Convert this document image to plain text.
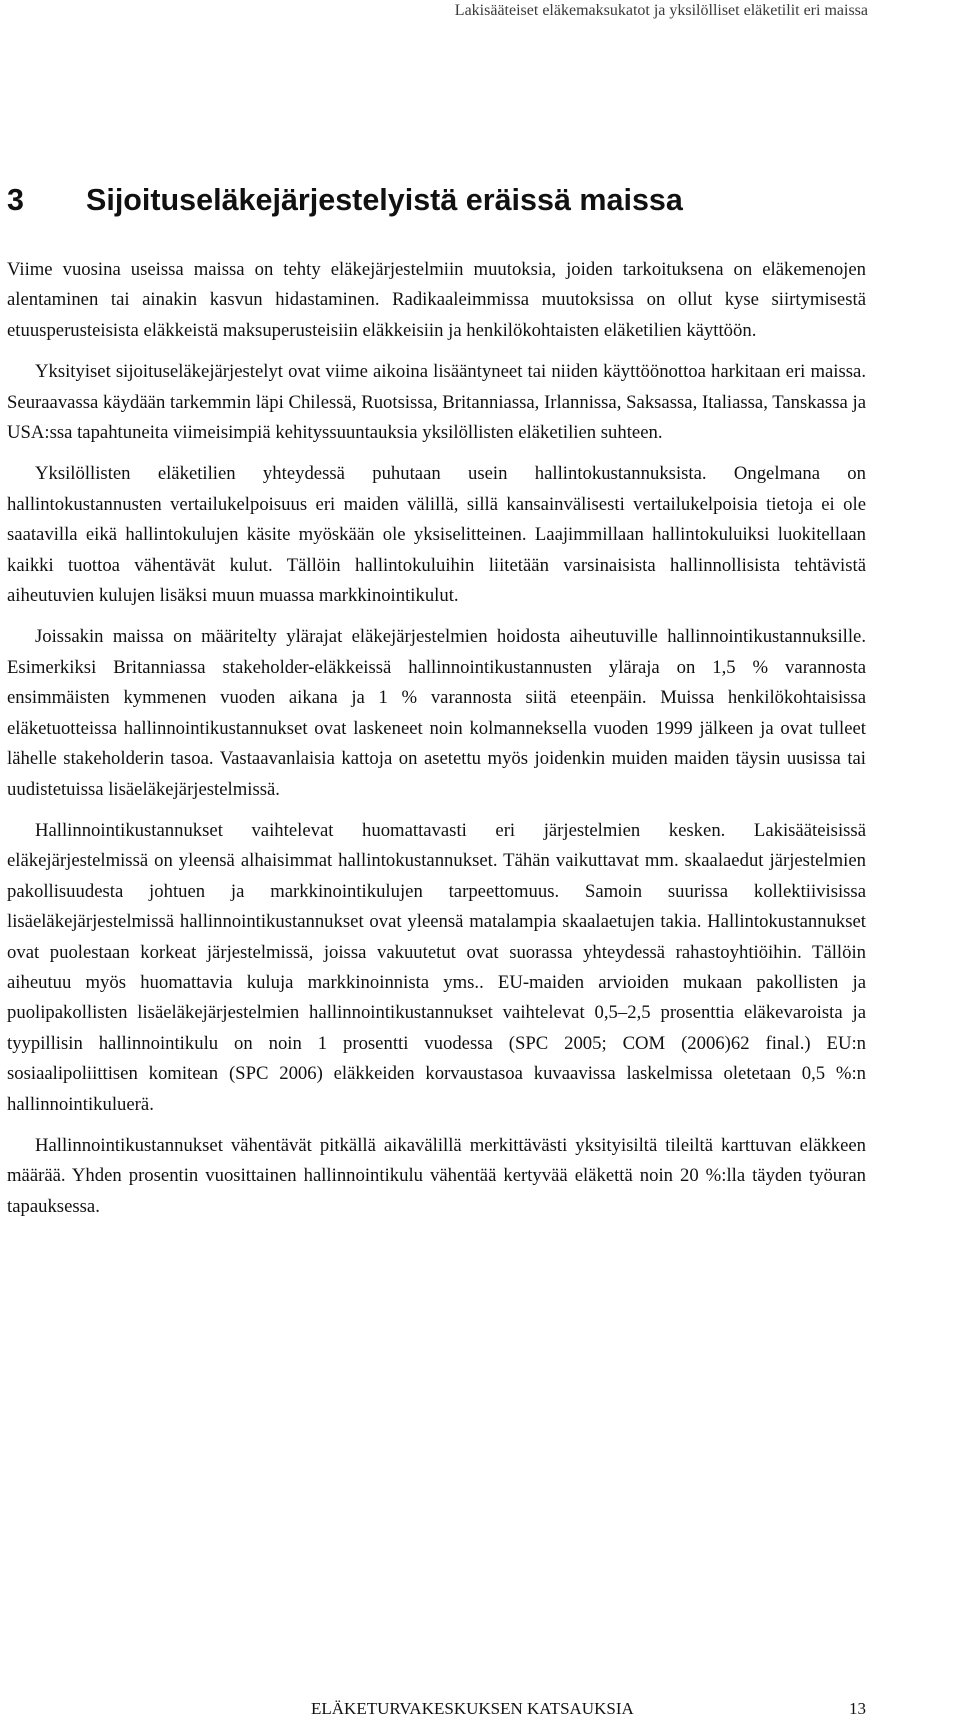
Lakisääteiset eläkemaksukatot ja yksilölliset eläketilit eri maissa
3 Sijoituseläkejärjestelyistä eräissä maissa

Viime vuosina useissa maissa on tehty eläkejärjestelmiin muutoksia, joiden tarkoituksena on eläkemenojen alentaminen tai ainakin kasvun hidastaminen. Radikaaleimmissa muutoksissa on ollut kyse siirtymisestä etuusperusteisista eläkkeistä maksuperusteisiin eläkkeisiin ja henkilökohtaisten eläketilien käyttöön.

Yksityiset sijoituseläkejärjestelyt ovat viime aikoina lisääntyneet tai niiden käyttöönottoa harkitaan eri maissa. Seuraavassa käydään tarkemmin läpi Chilessä, Ruotsissa, Britanniassa, Irlannissa, Saksassa, Italiassa, Tanskassa ja USA:ssa tapahtuneita viimeisimpiä kehityssuuntauksia yksilöllisten eläketilien suhteen.

Yksilöllisten eläketilien yhteydessä puhutaan usein hallintokustannuksista. Ongelmana on hallintokustannusten vertailukelpoisuus eri maiden välillä, sillä kansainvälisesti vertailukelpoisia tietoja ei ole saatavilla eikä hallintokulujen käsite myöskään ole yksiselitteinen. Laajimmillaan hallintokuluiksi luokitellaan kaikki tuottoa vähentävät kulut. Tällöin hallintokuluihin liitetään varsinaisista hallinnollisista tehtävistä aiheutuvien kulujen lisäksi muun muassa markkinointikulut.

Joissakin maissa on määritelty ylärajat eläkejärjestelmien hoidosta aiheutuville hallinnointikustannuksille. Esimerkiksi Britanniassa stakeholder-eläkkeissä hallinnointikustannusten yläraja on 1,5 % varannosta ensimmäisten kymmenen vuoden aikana ja 1 % varannosta siitä eteenpäin. Muissa henkilökohtaisissa eläketuotteissa hallinnointikustannukset ovat laskeneet noin kolmanneksella vuoden 1999 jälkeen ja ovat tulleet lähelle stakeholderin tasoa. Vastaavanlaisia kattoja on asetettu myös joidenkin muiden maiden täysin uusissa tai uudistetuissa lisäeläkejärjestelmissä.

Hallinnointikustannukset vaihtelevat huomattavasti eri järjestelmien kesken. Lakisääteisissä eläkejärjestelmissä on yleensä alhaisimmat hallintokustannukset. Tähän vaikuttavat mm. skaalaedut järjestelmien pakollisuudesta johtuen ja markkinointikulujen tarpeettomuus. Samoin suurissa kollektiivisissa lisäeläkejärjestelmissä hallinnointikustannukset ovat yleensä matalampia skaalaetujen takia. Hallintokustannukset ovat puolestaan korkeat järjestelmissä, joissa vakuutetut ovat suorassa yhteydessä rahastoyhtiöihin. Tällöin aiheutuu myös huomattavia kuluja markkinoinnista yms.. EU-maiden arvioiden mukaan pakollisten ja puolipakollisten lisäeläkejärjestelmien hallinnointikustannukset vaihtelevat 0,5–2,5 prosenttia eläkevaroista ja tyypillisin hallinnointikulu on noin 1 prosentti vuodessa (SPC 2005; COM (2006)62 final.) EU:n sosiaalipoliittisen komitean (SPC 2006) eläkkeiden korvaustasoa kuvaavissa laskelmissa oletetaan 0,5 %:n hallinnointikuluerä.

Hallinnointikustannukset vähentävät pitkällä aikavälillä merkittävästi yksityisiltä tileiltä karttuvan eläkkeen määrää. Yhden prosentin vuosittainen hallinnointikulu vähentää kertyvää eläkettä noin 20 %:lla täyden työuran tapauksessa.

ELÄKETURVAKESKUKSEN KATSAUKSIA	13
